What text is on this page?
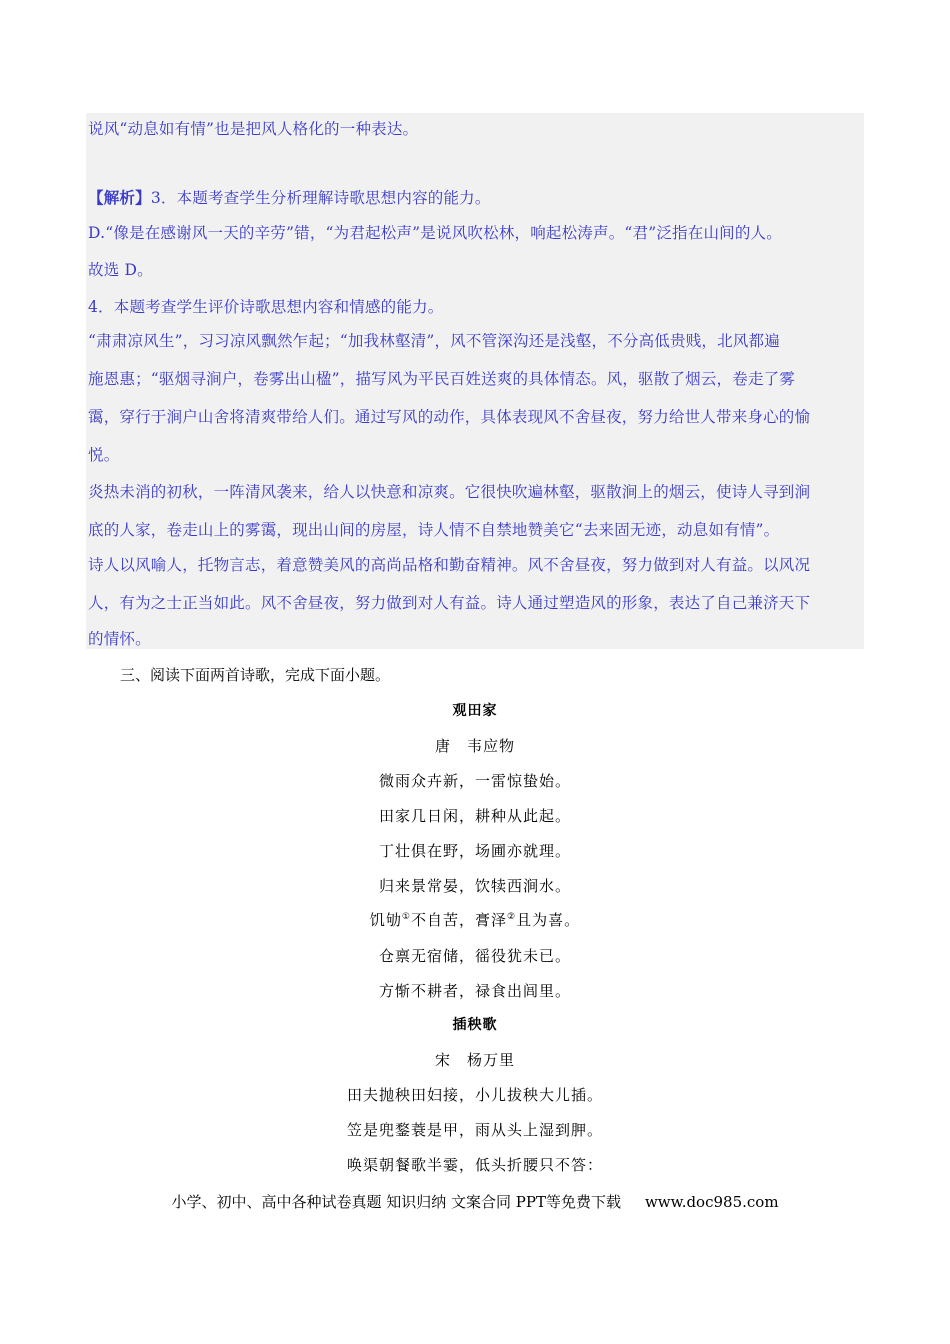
说风“动息如有情”也是把风人格化的一种表达。

【解析】3．本题考查学生分析理解诗歌思想内容的能力。

D.“像是在感谢风一天的辛劳”错，“为君起松声”是说风吹松林，响起松涛声。“君”泛指在山间的人。

故选 D。

4．本题考查学生评价诗歌思想内容和情感的能力。

“肃肃凉风生”，习习凉风飘然乍起；“加我林壑清”，风不管深沟还是浅壑，不分高低贵贱，北风都遍

施恩惠；“驱烟寻涧户，卷雾出山楹”，描写风为平民百姓送爽的具体情态。风，驱散了烟云，卷走了雾

霭，穿行于涧户山舍将清爽带给人们。通过写风的动作，具体表现风不舍昼夜，努力给世人带来身心的愉

悦。

炎热未消的初秋，一阵清风袭来，给人以快意和凉爽。它很快吹遍林壑，驱散涧上的烟云，使诗人寻到涧

底的人家，卷走山上的雾霭，现出山间的房屋，诗人情不自禁地赞美它“去来固无迹，动息如有情”。

诗人以风喻人，托物言志，着意赞美风的高尚品格和勤奋精神。风不舍昼夜，努力做到对人有益。以风况

人，有为之士正当如此。风不舍昼夜，努力做到对人有益。诗人通过塑造风的形象，表达了自己兼济天下

的情怀。

三、阅读下面两首诗歌，完成下面小题。

观田家

唐　韦应物

微雨众卉新，一雷惊蛰始。

田家几日闲，耕种从此起。

丁壮俱在野，场圃亦就理。

归来景常晏，饮犊西涧水。

饥劬①不自苦，膏泽②且为喜。

仓禀无宿储，徭役犹未已。

方惭不耕者，禄食出闾里。

插秧歌

宋　杨万里

田夫抛秧田妇接，小儿拔秧大儿插。

笠是兜鍪蓑是甲，雨从头上湿到胛。

唤渠朝餐歌半霎，低头折腰只不答：

小学、初中、高中各种试卷真题 知识归纳 文案合同 PPT等免费下载 www.doc985.com
